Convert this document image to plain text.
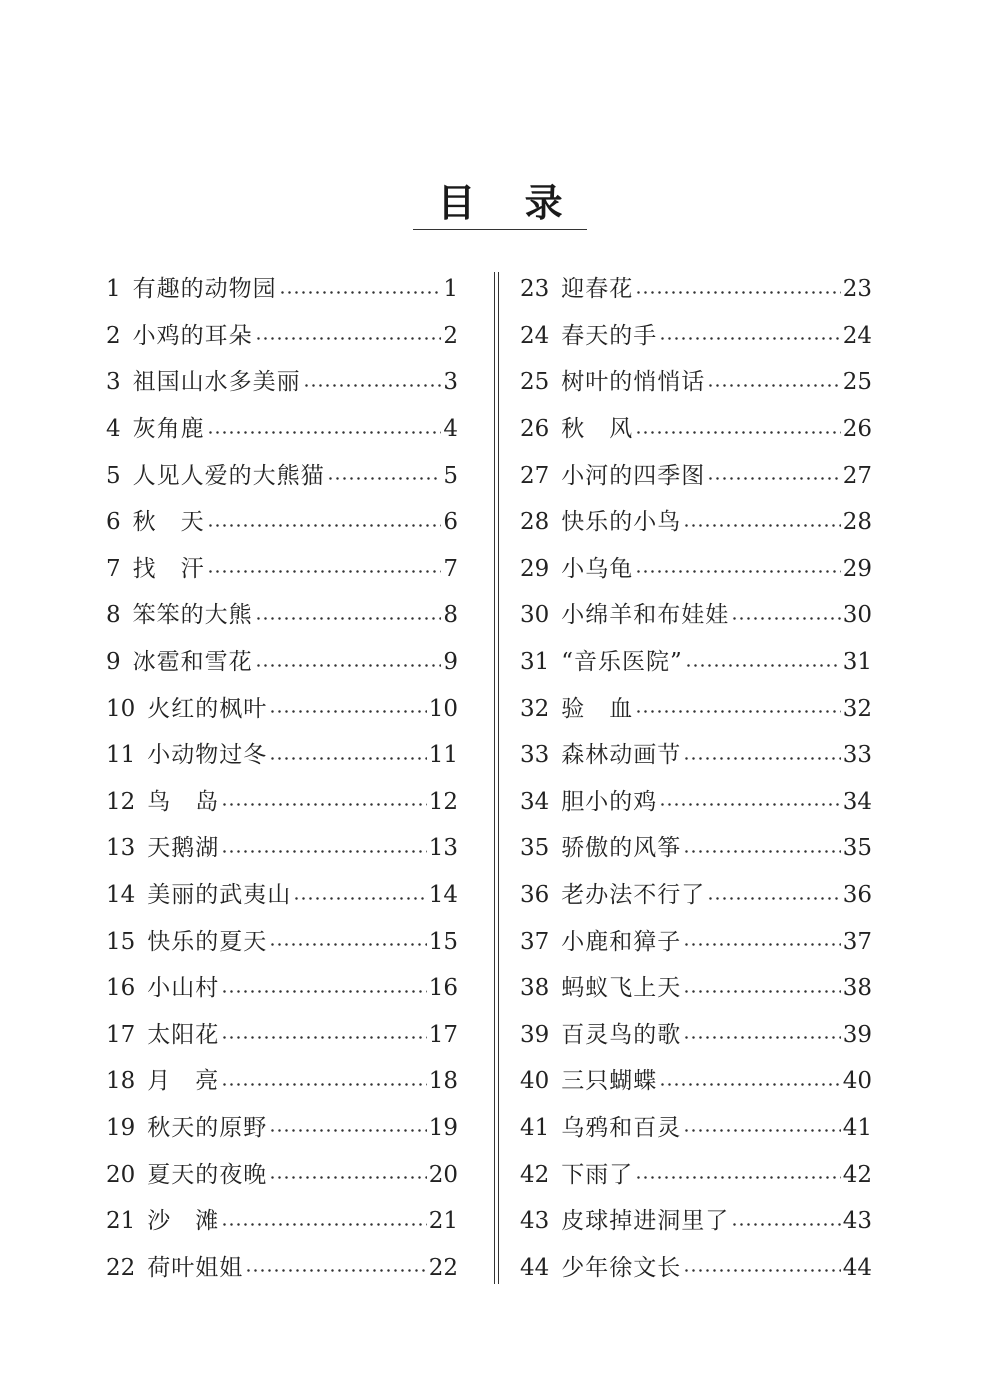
目 录
1 有趣的动物园	1
2 小鸡的耳朵	2
3 祖国山水多美丽	3
4 灰角鹿	4
5 人见人爱的大熊猫	5
6 秋　天	6
7 找　汗	7
8 笨笨的大熊	8
9 冰雹和雪花	9
10 火红的枫叶	10
11 小动物过冬	11
12 鸟　岛	12
13 天鹅湖	13
14 美丽的武夷山	14
15 快乐的夏天	15
16 小山村	16
17 太阳花	17
18 月　亮	18
19 秋天的原野	19
20 夏天的夜晚	20
21 沙　滩	21
22 荷叶姐姐	22
23 迎春花	23
24 春天的手	24
25 树叶的悄悄话	25
26 秋　风	26
27 小河的四季图	27
28 快乐的小鸟	28
29 小乌龟	29
30 小绵羊和布娃娃	30
31 “音乐医院”	31
32 验　血	32
33 森林动画节	33
34 胆小的鸡	34
35 骄傲的风筝	35
36 老办法不行了	36
37 小鹿和獐子	37
38 蚂蚁飞上天	38
39 百灵鸟的歌	39
40 三只蝴蝶	40
41 乌鸦和百灵	41
42 下雨了	42
43 皮球掉进洞里了	43
44 少年徐文长	44
